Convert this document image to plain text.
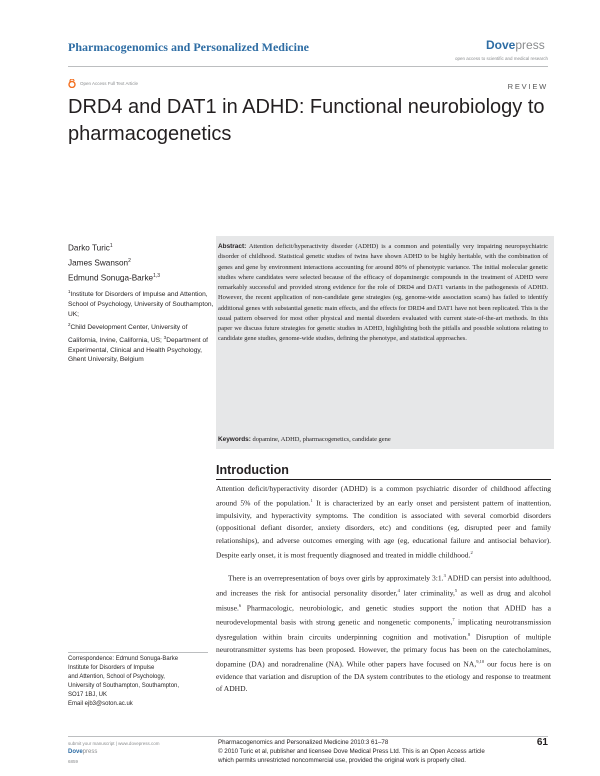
Pharmacogenomics and Personalized Medicine	Dovepress
open access to scientific and medical research
Open Access Full Text Article	REVIEW
DRD4 and DAT1 in ADHD: Functional neurobiology to pharmacogenetics
Darko Turic$^1$
James Swanson$^2$
Edmund Sonuga-Barke$^{1,3}$
$^1$Institute for Disorders of Impulse and Attention, School of Psychology, University of Southampton, UK;
$^2$Child Development Center, University of California, Irvine, California, US; $^3$Department of Experimental, Clinical and Health Psychology, Ghent University, Belgium
Abstract: Attention deficit/hyperactivity disorder (ADHD) is a common and potentially very impairing neuropsychiatric disorder of childhood. Statistical genetic studies of twins have shown ADHD to be highly heritable, with the combination of genes and gene by environment interactions accounting for around 80% of phenotypic variance. The initial molecular genetic studies where candidates were selected because of the efficacy of dopaminergic compounds in the treatment of ADHD were remarkably successful and provided strong evidence for the role of DRD4 and DAT1 variants in the pathogenesis of ADHD. However, the recent application of non-candidate gene strategies (eg, genome-wide association scans) has failed to identify additional genes with substantial genetic main effects, and the effects for DRD4 and DAT1 have not been replicated. This is the usual pattern observed for most other physical and mental disorders evaluated with current state-of-the-art methods. In this paper we discuss future strategies for genetic studies in ADHD, highlighting both the pitfalls and possible solutions relating to candidate gene studies, genome-wide studies, defining the phenotype, and statistical approaches.
Keywords: dopamine, ADHD, pharmacogenetics, candidate gene
Introduction
Attention deficit/hyperactivity disorder (ADHD) is a common psychiatric disorder of childhood affecting around 5% of the population.$^1$ It is characterized by an early onset and persistent pattern of inattention, impulsivity, and hyperactivity symptoms. The condition is associated with several comorbid disorders (oppositional defiant disorder, anxiety disorders, etc) and conditions (eg, disrupted peer and family relationships), and adverse outcomes emerging with age (eg, educational failure and antisocial behavior). Despite early onset, it is most frequently diagnosed and treated in middle childhood.$^2$
There is an overrepresentation of boys over girls by approximately 3:1.$^3$ ADHD can persist into adulthood, and increases the risk for antisocial personality disorder,$^4$ later criminality,$^5$ as well as drug and alcohol misuse.$^6$ Pharmacologic, neurobiologic, and genetic studies support the notion that ADHD has a neurodevelopmental basis with strong genetic and nongenetic components,$^7$ implicating neurotransmission dysregulation within brain circuits underpinning cognition and motivation.$^8$ Disruption of multiple neurotransmitter systems has been proposed. However, the primary focus has been on the catecholamines, dopamine (DA) and noradrenaline (NA). While other papers have focused on NA,$^{9,10}$ our focus here is on evidence that variation and disruption of the DA system contributes to the etiology and response to treatment of ADHD.
Correspondence: Edmund Sonuga-Barke
Institute for Disorders of Impulse
and Attention, School of Psychology,
University of Southampton, Southampton,
SO17 1BJ, UK
Email ejb3@soton.ac.uk
submit your manuscript | www.dovepress.com
Dovepress
6859
Pharmacogenomics and Personalized Medicine 2010:3 61–78
© 2010 Turic et al, publisher and licensee Dove Medical Press Ltd. This is an Open Access article
which permits unrestricted noncommercial use, provided the original work is properly cited.
61
